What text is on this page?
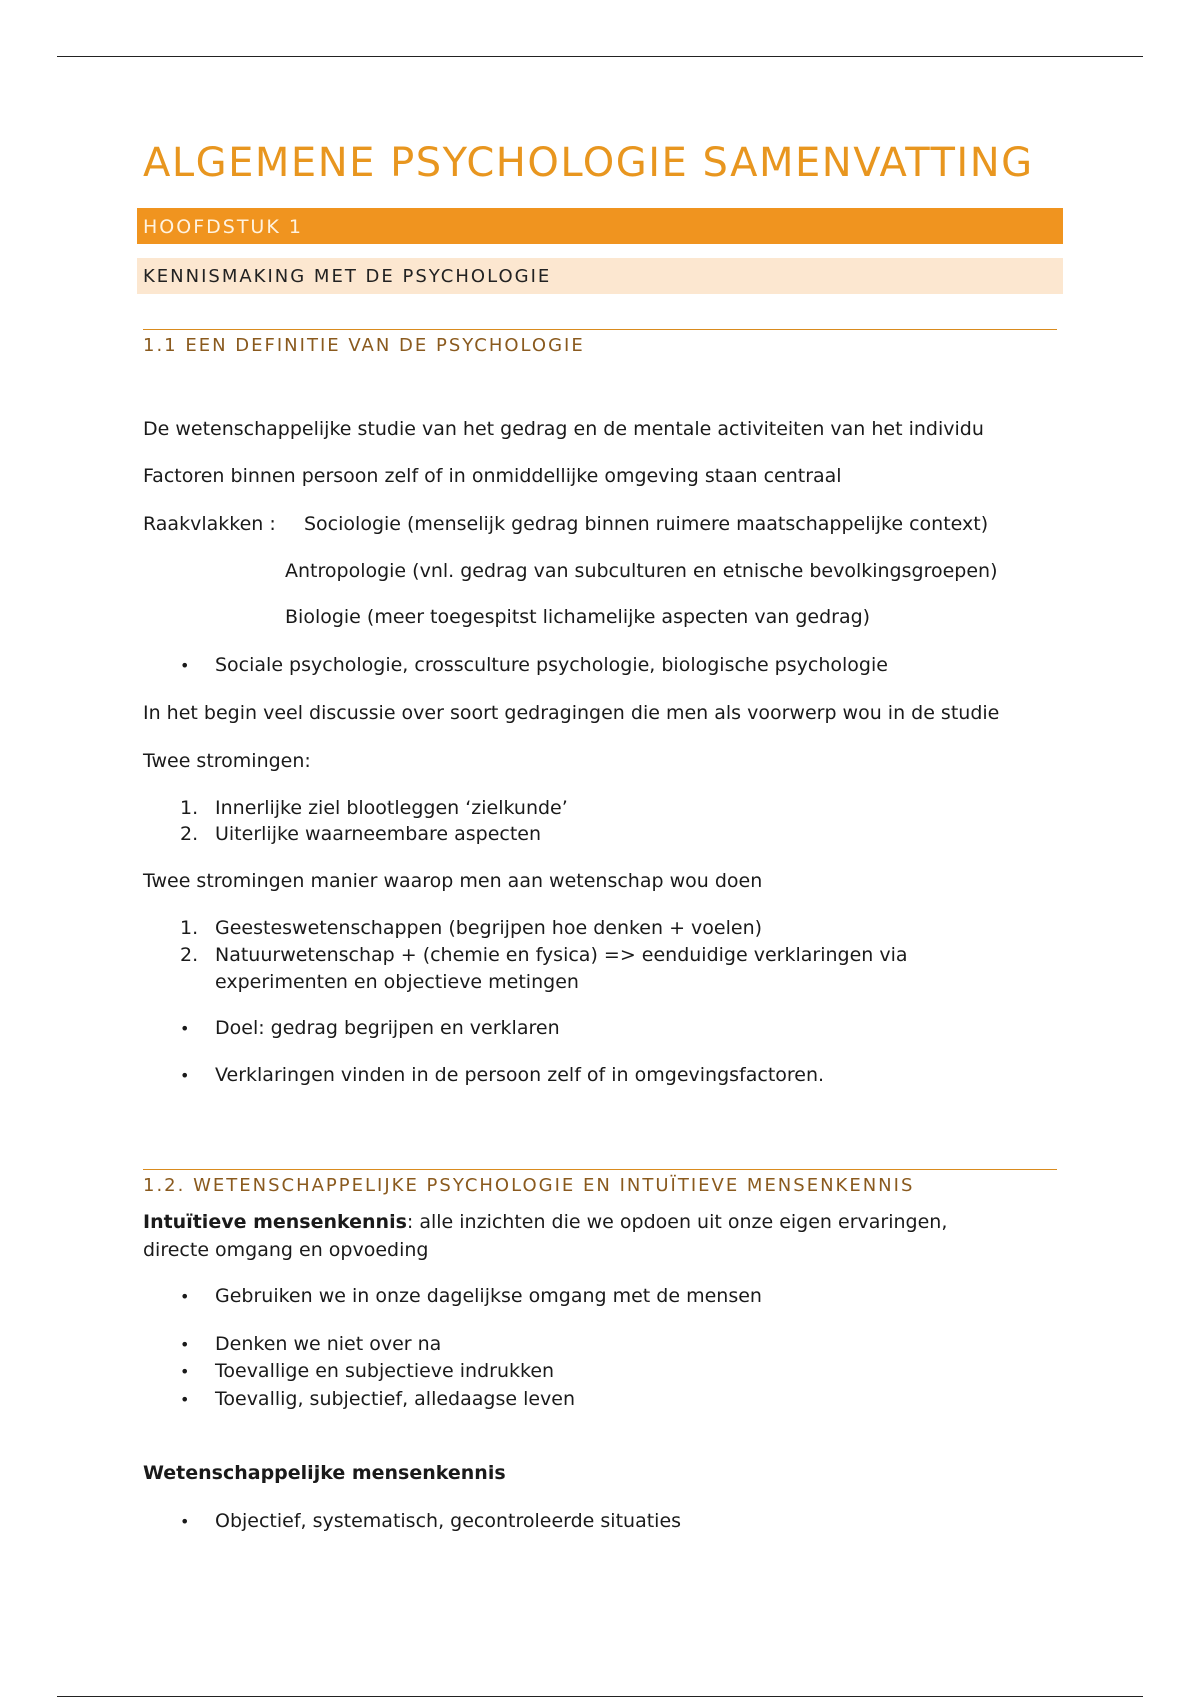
ALGEMENE PSYCHOLOGIE SAMENVATTING
HOOFDSTUK 1
KENNISMAKING MET DE PSYCHOLOGIE
1.1 EEN DEFINITIE VAN DE PSYCHOLOGIE
De wetenschappelijke studie van het gedrag en de mentale activiteiten van het individu
Factoren binnen persoon zelf of in onmiddellijke omgeving staan centraal
Raakvlakken : Sociologie (menselijk gedrag binnen ruimere maatschappelijke context)
Antropologie (vnl. gedrag van subculturen en etnische bevolkingsgroepen)
Biologie (meer toegespitst lichamelijke aspecten van gedrag)
• Sociale psychologie, crossculture psychologie, biologische psychologie
In het begin veel discussie over soort gedragingen die men als voorwerp wou in de studie
Twee stromingen:
1. Innerlijke ziel blootleggen ‘zielkunde’
2. Uiterlijke waarneembare aspecten
Twee stromingen manier waarop men aan wetenschap wou doen
1. Geesteswetenschappen (begrijpen hoe denken + voelen)
2. Natuurwetenschap + (chemie en fysica) => eenduidige verklaringen via
experimenten en objectieve metingen
• Doel: gedrag begrijpen en verklaren
• Verklaringen vinden in de persoon zelf of in omgevingsfactoren.
1.2. WETENSCHAPPELIJKE PSYCHOLOGIE EN INTUÏTIEVE MENSENKENNIS
Intuïtieve mensenkennis: alle inzichten die we opdoen uit onze eigen ervaringen,
directe omgang en opvoeding
• Gebruiken we in onze dagelijkse omgang met de mensen
• Denken we niet over na
• Toevallige en subjectieve indrukken
• Toevallig, subjectief, alledaagse leven
Wetenschappelijke mensenkennis
• Objectief, systematisch, gecontroleerde situaties
